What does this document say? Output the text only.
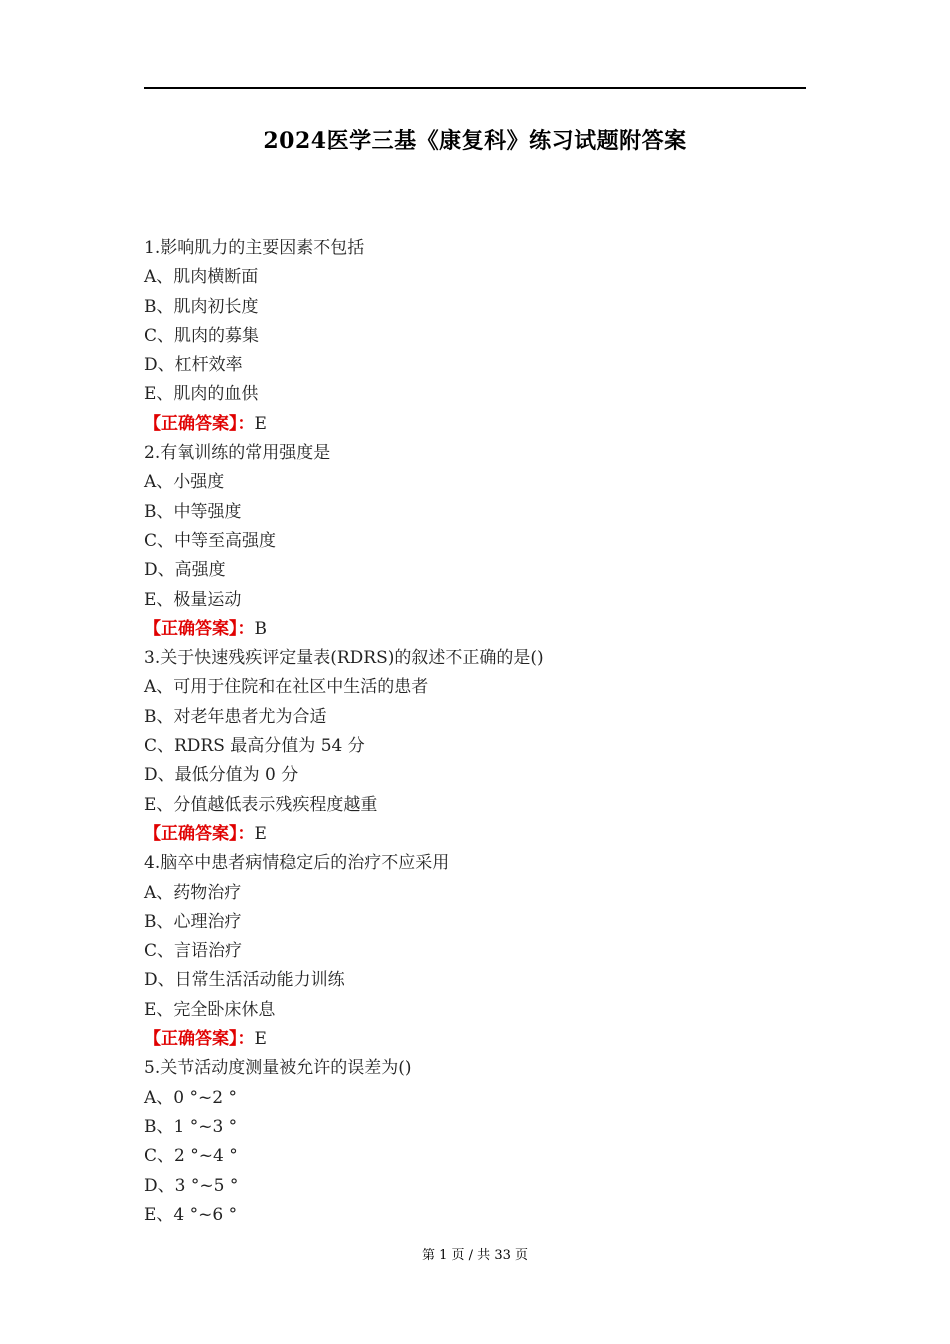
2024医学三基《康复科》练习试题附答案
1.影响肌力的主要因素不包括
A、肌肉横断面
B、肌肉初长度
C、肌肉的募集
D、杠杆效率
E、肌肉的血供
【正确答案】：E
2.有氧训练的常用强度是
A、小强度
B、中等强度
C、中等至高强度
D、高强度
E、极量运动
【正确答案】：B
3.关于快速残疾评定量表(RDRS)的叙述不正确的是()
A、可用于住院和在社区中生活的患者
B、对老年患者尤为合适
C、RDRS 最高分值为 54 分
D、最低分值为 0 分
E、分值越低表示残疾程度越重
【正确答案】：E
4.脑卒中患者病情稳定后的治疗不应采用
A、药物治疗
B、心理治疗
C、言语治疗
D、日常生活活动能力训练
E、完全卧床休息
【正确答案】：E
5.关节活动度测量被允许的误差为()
A、0 °~2 °
B、1 °~3 °
C、2 °~4 °
D、3 °~5 °
E、4 °~6 °
第 1 页 / 共 33 页
